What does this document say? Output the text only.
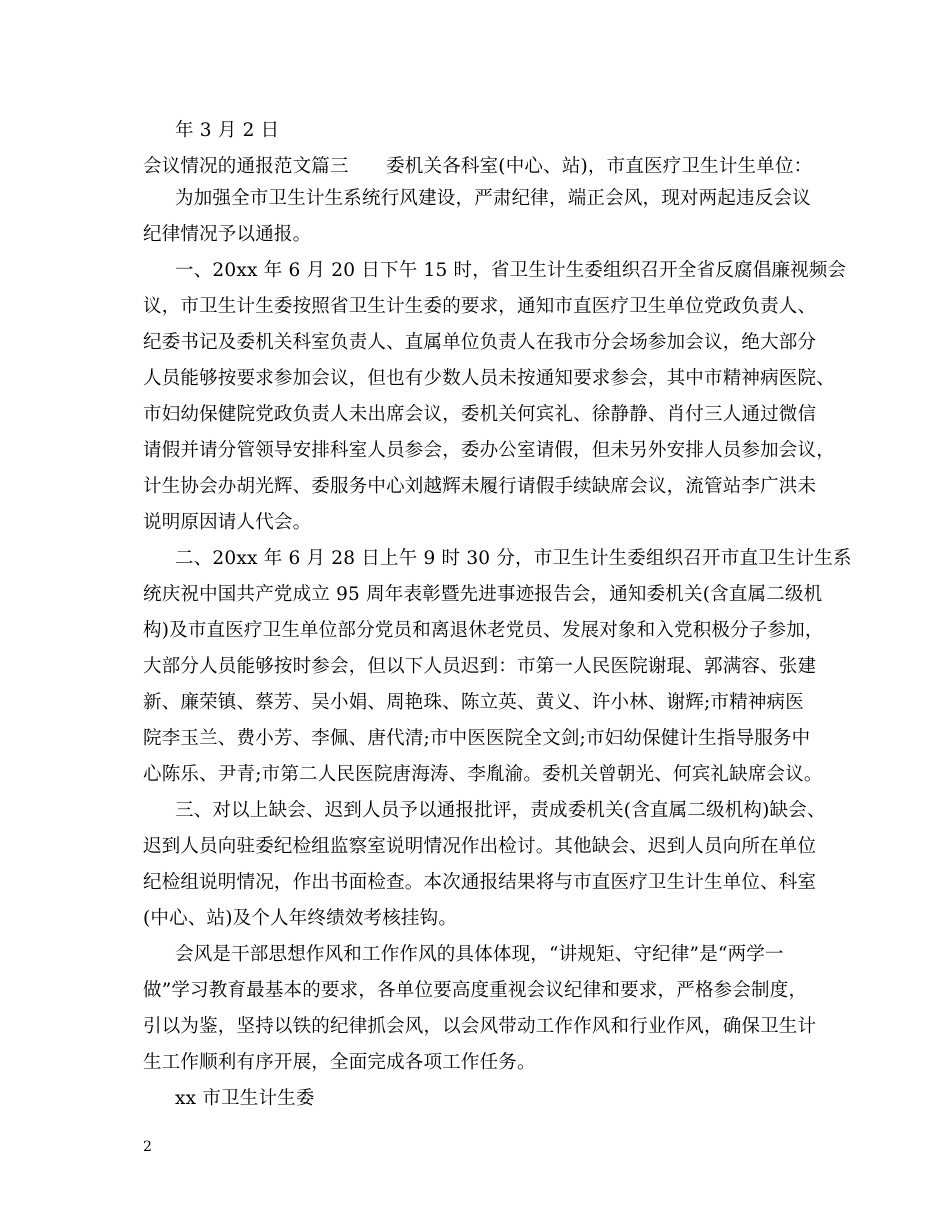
年 3 月 2 日

会议情况的通报范文篇三　　委机关各科室(中心、站)，市直医疗卫生计生单位：

为加强全市卫生计生系统行风建设，严肃纪律，端正会风，现对两起违反会议

纪律情况予以通报。

一、20xx 年 6 月 20 日下午 15 时，省卫生计生委组织召开全省反腐倡廉视频会

议，市卫生计生委按照省卫生计生委的要求，通知市直医疗卫生单位党政负责人、

纪委书记及委机关科室负责人、直属单位负责人在我市分会场参加会议，绝大部分

人员能够按要求参加会议，但也有少数人员未按通知要求参会，其中市精神病医院、

市妇幼保健院党政负责人未出席会议，委机关何宾礼、徐静静、肖付三人通过微信

请假并请分管领导安排科室人员参会，委办公室请假，但未另外安排人员参加会议，

计生协会办胡光辉、委服务中心刘越辉未履行请假手续缺席会议，流管站李广洪未

说明原因请人代会。

二、20xx 年 6 月 28 日上午 9 时 30 分，市卫生计生委组织召开市直卫生计生系

统庆祝中国共产党成立 95 周年表彰暨先进事迹报告会，通知委机关(含直属二级机

构)及市直医疗卫生单位部分党员和离退休老党员、发展对象和入党积极分子参加，

大部分人员能够按时参会，但以下人员迟到：市第一人民医院谢琨、郭满容、张建

新、廉荣镇、蔡芳、吴小娟、周艳珠、陈立英、黄义、许小林、谢辉;市精神病医

院李玉兰、费小芳、李佩、唐代清;市中医医院全文剑;市妇幼保健计生指导服务中

心陈乐、尹青;市第二人民医院唐海涛、李胤渝。委机关曾朝光、何宾礼缺席会议。

三、对以上缺会、迟到人员予以通报批评，责成委机关(含直属二级机构)缺会、

迟到人员向驻委纪检组监察室说明情况作出检讨。其他缺会、迟到人员向所在单位

纪检组说明情况，作出书面检查。本次通报结果将与市直医疗卫生计生单位、科室

(中心、站)及个人年终绩效考核挂钩。

会风是干部思想作风和工作作风的具体体现，“讲规矩、守纪律”是“两学一

做”学习教育最基本的要求，各单位要高度重视会议纪律和要求，严格参会制度，

引以为鉴，坚持以铁的纪律抓会风，以会风带动工作作风和行业作风，确保卫生计

生工作顺利有序开展，全面完成各项工作任务。

xx 市卫生计生委

2
